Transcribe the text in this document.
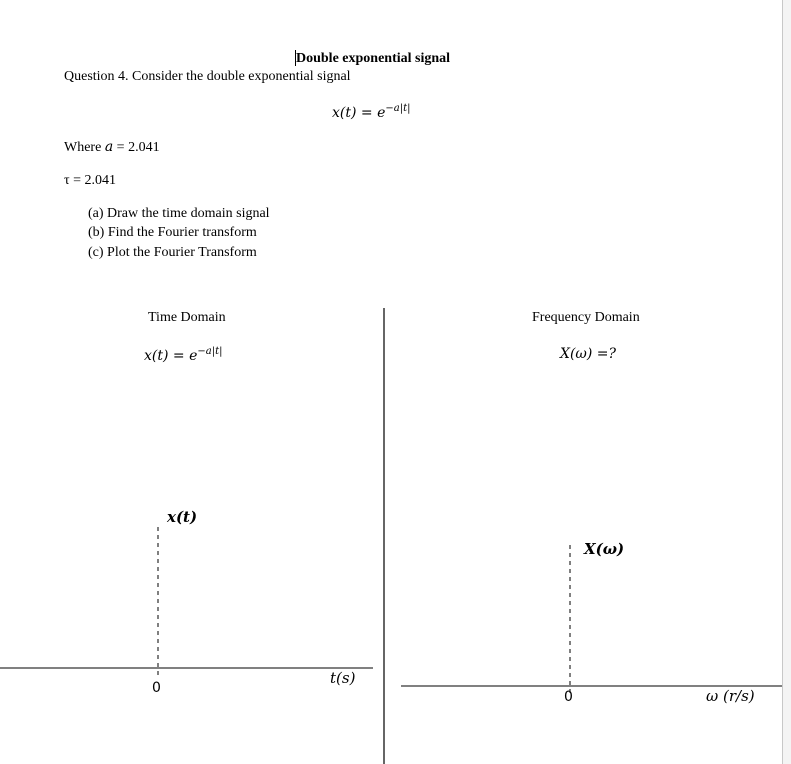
Double exponential signal
Question 4. Consider the double exponential signal
$x(t) = e^{-a|t|}$
Where a = 2.041
τ = 2.041
(a) Draw the time domain signal
(b) Find the Fourier transform
(c) Plot the Fourier Transform
Time Domain	Frequency Domain
$x(t) = e^{-a|t|}$	X(ω) =?
x(t)
0
t(s)
X(ω)
0	ω (r/s)
